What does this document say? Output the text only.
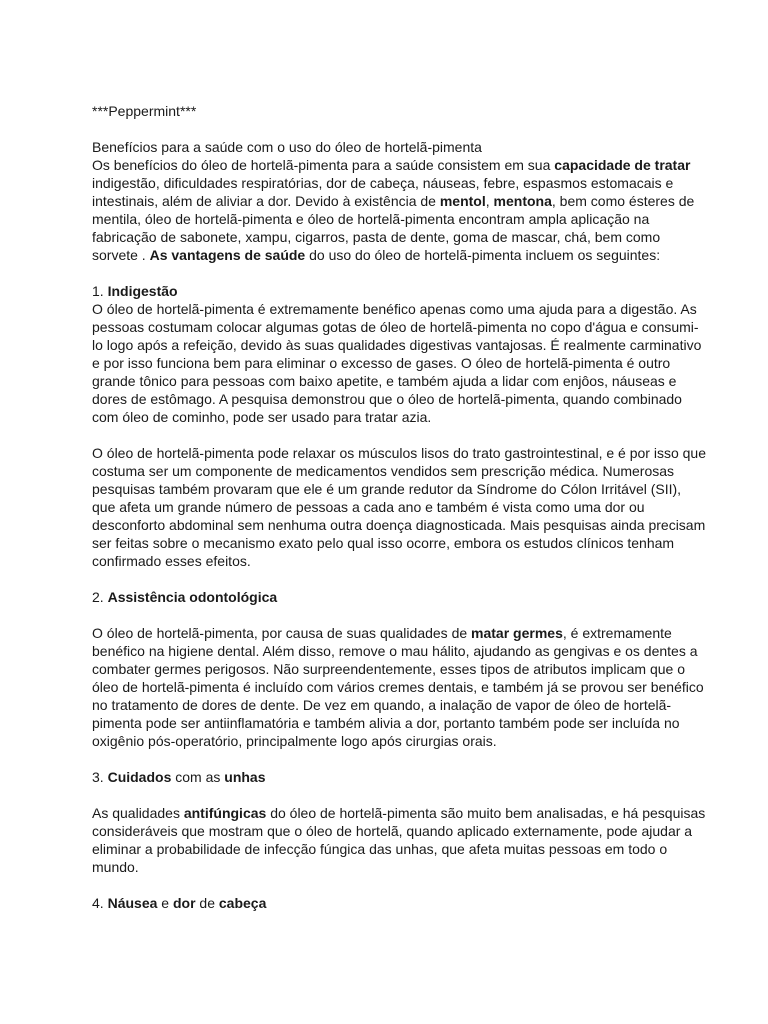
***Peppermint***

Benefícios para a saúde com o uso do óleo de hortelã-pimenta

Os benefícios do óleo de hortelã-pimenta para a saúde consistem em sua capacidade de tratar indigestão, dificuldades respiratórias, dor de cabeça, náuseas, febre, espasmos estomacais e intestinais, além de aliviar a dor. Devido à existência de mentol, mentona, bem como ésteres de mentila, óleo de hortelã-pimenta e óleo de hortelã-pimenta encontram ampla aplicação na fabricação de sabonete, xampu, cigarros, pasta de dente, goma de mascar, chá, bem como sorvete . As vantagens de saúde do uso do óleo de hortelã-pimenta incluem os seguintes:

1. Indigestão

O óleo de hortelã-pimenta é extremamente benéfico apenas como uma ajuda para a digestão. As pessoas costumam colocar algumas gotas de óleo de hortelã-pimenta no copo d'água e consumi-lo logo após a refeição, devido às suas qualidades digestivas vantajosas. É realmente carminativo e por isso funciona bem para eliminar o excesso de gases. O óleo de hortelã-pimenta é outro grande tônico para pessoas com baixo apetite, e também ajuda a lidar com enjôos, náuseas e dores de estômago. A pesquisa demonstrou que o óleo de hortelã-pimenta, quando combinado com óleo de cominho, pode ser usado para tratar azia.

O óleo de hortelã-pimenta pode relaxar os músculos lisos do trato gastrointestinal, e é por isso que costuma ser um componente de medicamentos vendidos sem prescrição médica. Numerosas pesquisas também provaram que ele é um grande redutor da Síndrome do Cólon Irritável (SII), que afeta um grande número de pessoas a cada ano e também é vista como uma dor ou desconforto abdominal sem nenhuma outra doença diagnosticada. Mais pesquisas ainda precisam ser feitas sobre o mecanismo exato pelo qual isso ocorre, embora os estudos clínicos tenham confirmado esses efeitos.

2. Assistência odontológica

O óleo de hortelã-pimenta, por causa de suas qualidades de matar germes, é extremamente benéfico na higiene dental. Além disso, remove o mau hálito, ajudando as gengivas e os dentes a combater germes perigosos. Não surpreendentemente, esses tipos de atributos implicam que o óleo de hortelã-pimenta é incluído com vários cremes dentais, e também já se provou ser benéfico no tratamento de dores de dente. De vez em quando, a inalação de vapor de óleo de hortelã-pimenta pode ser antiinflamatória e também alivia a dor, portanto também pode ser incluída no oxigênio pós-operatório, principalmente logo após cirurgias orais.

3. Cuidados com as unhas

As qualidades antifúngicas do óleo de hortelã-pimenta são muito bem analisadas, e há pesquisas consideráveis que mostram que o óleo de hortelã, quando aplicado externamente, pode ajudar a eliminar a probabilidade de infecção fúngica das unhas, que afeta muitas pessoas em todo o mundo.

4. Náusea e dor de cabeça
